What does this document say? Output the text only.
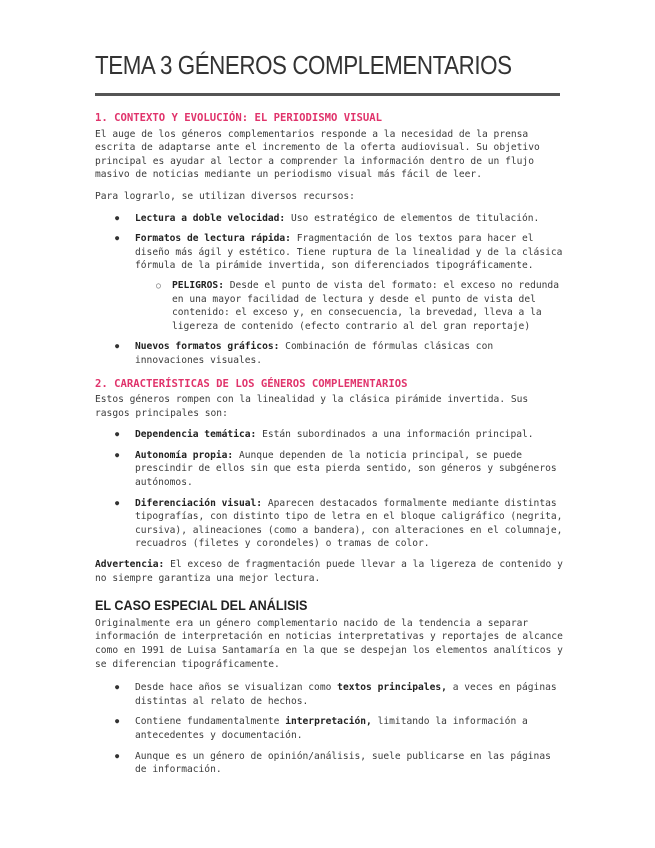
TEMA 3 GÉNEROS COMPLEMENTARIOS
1. CONTEXTO Y EVOLUCIÓN: EL PERIODISMO VISUAL

El auge de los géneros complementarios responde a la necesidad de la prensa escrita de adaptarse ante el incremento de la oferta audiovisual. Su objetivo principal es ayudar al lector a comprender la información dentro de un flujo masivo de noticias mediante un periodismo visual más fácil de leer.

Para lograrlo, se utilizan diversos recursos:

● Lectura a doble velocidad: Uso estratégico de elementos de titulación.
● Formatos de lectura rápida: Fragmentación de los textos para hacer el diseño más ágil y estético. Tiene ruptura de la linealidad y de la clásica fórmula de la pirámide invertida, son diferenciados tipográficamente.
○ PELIGROS: Desde el punto de vista del formato: el exceso no redunda en una mayor facilidad de lectura y desde el punto de vista del contenido: el exceso y, en consecuencia, la brevedad, lleva a la ligereza de contenido (efecto contrario al del gran reportaje)
● Nuevos formatos gráficos: Combinación de fórmulas clásicas con innovaciones visuales.
2. CARACTERÍSTICAS DE LOS GÉNEROS COMPLEMENTARIOS

Estos géneros rompen con la linealidad y la clásica pirámide invertida. Sus rasgos principales son:

● Dependencia temática: Están subordinados a una información principal.
● Autonomía propia: Aunque dependen de la noticia principal, se puede prescindir de ellos sin que esta pierda sentido, son géneros y subgéneros autónomos.
● Diferenciación visual: Aparecen destacados formalmente mediante distintas tipografías, con distinto tipo de letra en el bloque caligráfico (negrita, cursiva), alineaciones (como a bandera), con alteraciones en el columnaje, recuadros (filetes y corondeles) o tramas de color.

Advertencia: El exceso de fragmentación puede llevar a la ligereza de contenido y no siempre garantiza una mejor lectura.

EL CASO ESPECIAL DEL ANÁLISIS

Originalmente era un género complementario nacido de la tendencia a separar información de interpretación en noticias interpretativas y reportajes de alcance como en 1991 de Luisa Santamaría en la que se despejan los elementos analíticos y se diferencian tipográficamente.

● Desde hace años se visualizan como textos principales, a veces en páginas distintas al relato de hechos.
● Contiene fundamentalmente interpretación, limitando la información a antecedentes y documentación.
● Aunque es un género de opinión/análisis, suele publicarse en las páginas de información.
